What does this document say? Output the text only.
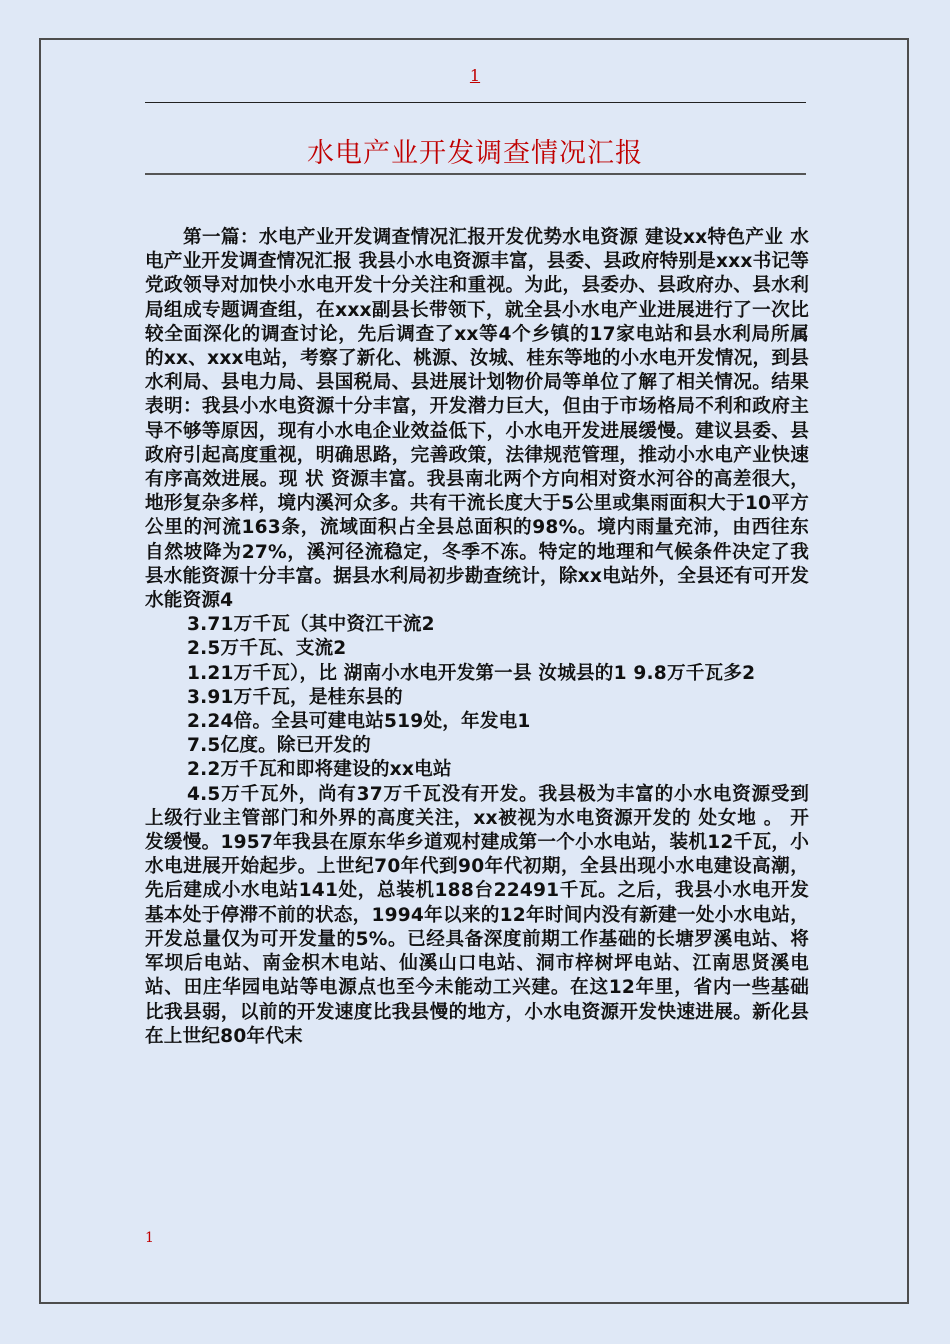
1
水电产业开发调查情况汇报

第一篇：水电产业开发调查情况汇报开发优势水电资源 建设xx特色产业 水电产业开发调查情况汇报 我县小水电资源丰富，县委、县政府特别是xxx书记等党政领导对加快小水电开发十分关注和重视。为此，县委办、县政府办、县水利局组成专题调查组，在xxx副县长带领下，就全县小水电产业进展进行了一次比较全面深化的调查讨论，先后调查了xx等4个乡镇的17家电站和县水利局所属的xx、xxx电站，考察了新化、桃源、汝城、桂东等地的小水电开发情况，到县水利局、县电力局、县国税局、县进展计划物价局等单位了解了相关情况。结果表明：我县小水电资源十分丰富，开发潜力巨大，但由于市场格局不利和政府主导不够等原因，现有小水电企业效益低下，小水电开发进展缓慢。建议县委、县政府引起高度重视，明确思路，完善政策，法律规范管理，推动小水电产业快速有序高效进展。现 状 资源丰富。我县南北两个方向相对资水河谷的高差很大，地形复杂多样，境内溪河众多。共有干流长度大于5公里或集雨面积大于10平方公里的河流163条，流域面积占全县总面积的98%。境内雨量充沛，由西往东自然坡降为27%，溪河径流稳定，冬季不冻。特定的地理和气候条件决定了我县水能资源十分丰富。据县水利局初步勘查统计，除xx电站外，全县还有可开发水能资源4

3.71万千瓦（其中资江干流2

2.5万千瓦、支流2

1.21万千瓦），比 湖南小水电开发第一县 汝城县的1 9.8万千瓦多2

3.91万千瓦，是桂东县的

2.24倍。全县可建电站519处，年发电1

7.5亿度。除已开发的

2.2万千瓦和即将建设的xx电站

4.5万千瓦外，尚有37万千瓦没有开发。我县极为丰富的小水电资源受到上级行业主管部门和外界的高度关注，xx被视为水电资源开发的 处女地 。 开发缓慢。1957年我县在原东华乡道观村建成第一个小水电站，装机12千瓦，小水电进展开始起步。上世纪70年代到90年代初期，全县出现小水电建设高潮，先后建成小水电站141处，总装机188台22491千瓦。之后，我县小水电开发基本处于停滞不前的状态，1994年以来的12年时间内没有新建一处小水电站，开发总量仅为可开发量的5%。已经具备深度前期工作基础的长塘罗溪电站、将军坝后电站、南金枳木电站、仙溪山口电站、洞市梓树坪电站、江南思贤溪电站、田庄华园电站等电源点也至今未能动工兴建。在这12年里，省内一些基础比我县弱，以前的开发速度比我县慢的地方，小水电资源开发快速进展。新化县在上世纪80年代末

1
